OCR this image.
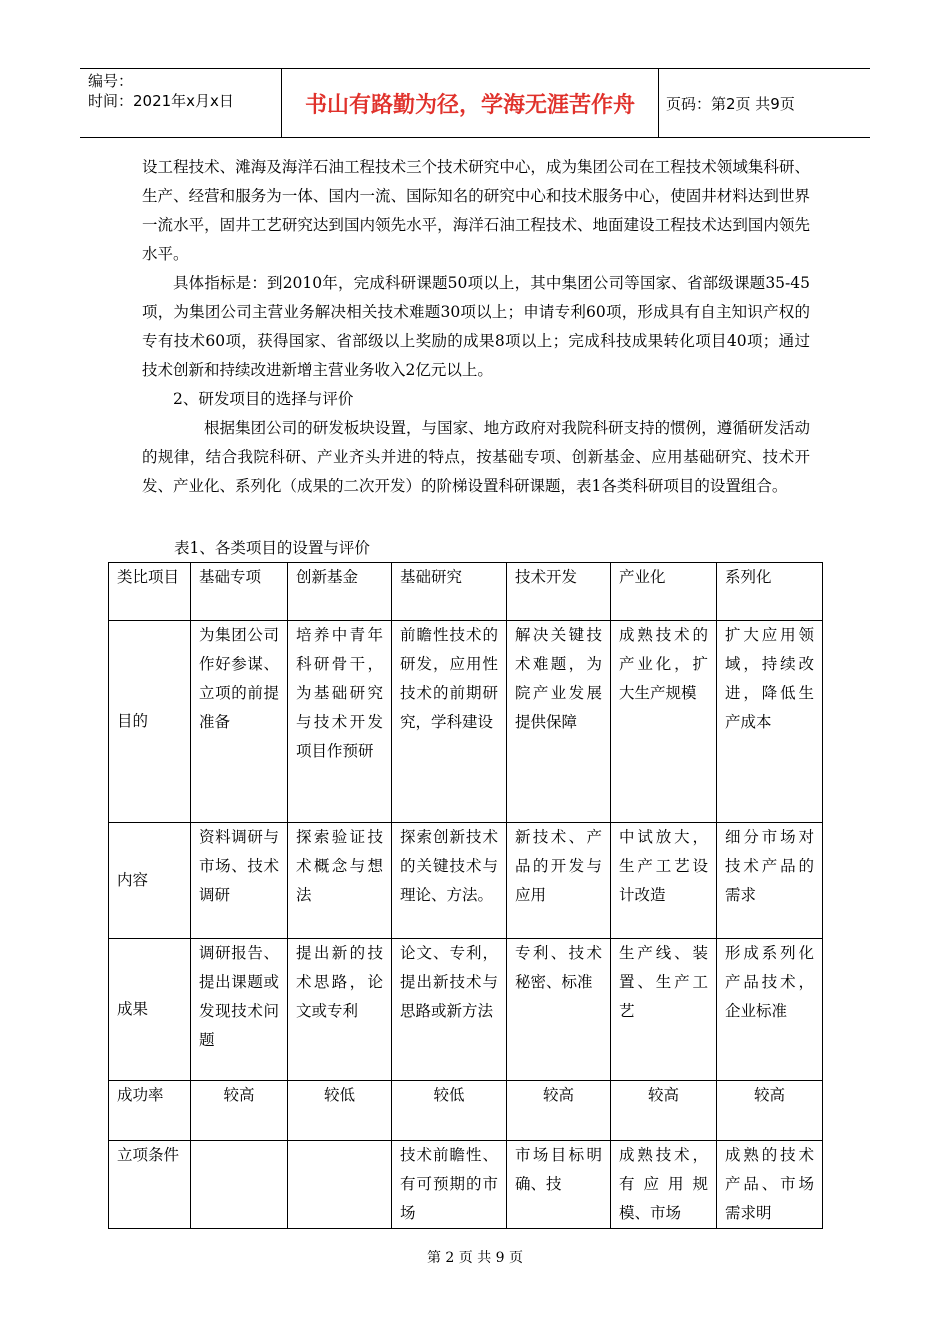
编号：
时间：2021年x月x日	书山有路勤为径，学海无涯苦作舟	页码：第2页 共9页

设工程技术、滩海及海洋石油工程技术三个技术研究中心，成为集团公司在工程技术领域集科研、生产、经营和服务为一体、国内一流、国际知名的研究中心和技术服务中心，使固井材料达到世界一流水平，固井工艺研究达到国内领先水平，海洋石油工程技术、地面建设工程技术达到国内领先水平。

具体指标是：到2010年，完成科研课题50项以上，其中集团公司等国家、省部级课题35-45项，为集团公司主营业务解决相关技术难题30项以上；申请专利60项，形成具有自主知识产权的专有技术60项，获得国家、省部级以上奖励的成果8项以上；完成科技成果转化项目40项；通过技术创新和持续改进新增主营业务收入2亿元以上。

2、研发项目的选择与评价

根据集团公司的研发板块设置，与国家、地方政府对我院科研支持的惯例，遵循研发活动的规律，结合我院科研、产业齐头并进的特点，按基础专项、创新基金、应用基础研究、技术开发、产业化、系列化（成果的二次开发）的阶梯设置科研课题，表1各类科研项目的设置组合。

表1、各类项目的设置与评价
类比项目	基础专项	创新基金	基础研究	技术开发	产业化	系列化
目的	为集团公司作好参谋、立项的前提准备	培养中青年科研骨干，为基础研究与技术开发项目作预研	前瞻性技术的研发，应用性技术的前期研究，学科建设	解决关键技术难题，为院产业发展提供保障	成熟技术的产业化，扩大生产规模	扩大应用领域，持续改进，降低生产成本
内容	资料调研与市场、技术调研	探索验证技术概念与想法	探索创新技术的关键技术与理论、方法。	新技术、产品的开发与应用	中试放大，生产工艺设计改造	细分市场对技术产品的需求
成果	调研报告、提出课题或发现技术问题	提出新的技术思路，论文或专利	论文、专利，提出新技术与思路或新方法	专利、技术秘密、标准	生产线、装置、生产工艺	形成系列化产品技术，企业标准
成功率	较高	较低	较低	较高	较高	较高
立项条件			技术前瞻性、有可预期的市场	市场目标明确、技	成熟技术，有应用规模、市场	成熟的技术产品、市场需求明
第 2 页 共 9 页
